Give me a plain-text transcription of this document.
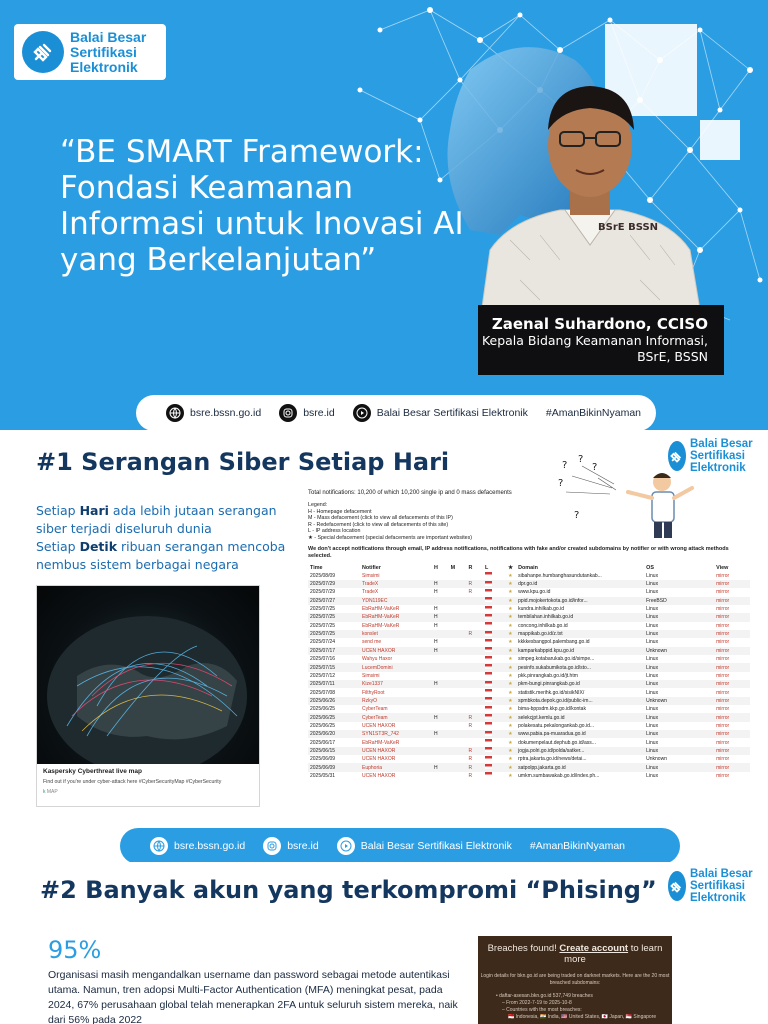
Balai Besar Sertifikasi Elektronik
“BE SMART Framework: Fondasi Keamanan Informasi untuk Inovasi AI yang Berkelanjutan”
BSrE BSSN
Zaenal Suhardono, CCISO
Kepala Bidang Keamanan Informasi, BSrE, BSSN
bsre.bssn.go.id	bsre.id	Balai Besar Sertifikasi Elektronik #AmanBikinNyaman
#1 Serangan Siber Setiap Hari
Balai Besar Sertifikasi Elektronik
?
?
?
?
?
Setiap Hari ada lebih jutaan serangan siber terjadi diseluruh dunia
Setiap Detik ribuan serangan mencoba nembus sistem berbagai negara
Kaspersky Cyberthreat live map
Find out if you're under cyber-attack here #CyberSecurityMap #CyberSecurity
k MAP
Total notifications: 10,200 of which 10,200 single ip and 0 mass defacements
Legend:
H - Homepage defacement
M - Mass defacement (click to view all defacements of this IP)
R - Redefacement (click to view all defacements of this site)
L - IP address location
★ - Special defacement (special defacements are important websites)
We don't accept notifications through email, IP address notifications, notifications with fake and/or created subdomains by notifier or with wrong attack methods selected.
Time	Notifier	H	M	R	L	★	Domain	OS	View
2025/08/09	Simsimi					★	sibahanpe.humbanghasundutankab...	Linux	mirror
2025/07/29	TradeX	H		R		★	dpr.go.id	Linux	mirror
2025/07/29	TradeX	H		R		★	www.kpu.go.id	Linux	mirror
2025/07/27	YDN119EC					★	ppid.mojokertokota.go.id/infor...	FreeBSD	mirror
2025/07/25	EbRaHM-VaKeR	H				★	kundra.inhilkab.go.id	Linux	mirror
2025/07/25	EbRaHM-VaKeR	H				★	tembilahan.inhilkab.go.id	Linux	mirror
2025/07/25	EbRaHM-VaKeR	H				★	concong.inhilkab.go.id	Linux	mirror
2025/07/25	konslet			R		★	mappikab.go.id/z.txt	Linux	mirror
2025/07/24	send me	H				★	kkkkesbangpol.palembang.go.id	Linux	mirror
2025/07/17	UCEN HAXOR	H				★	kamparkabppid.kpu.go.id	Unknown	mirror
2025/07/16	Wahyu Haxor					★	simpeg.kotabarukab.go.id/simpe...	Linux	mirror
2025/07/15	LucemDomini					★	pesinfo.sukabumikota.go.id/sto...	Linux	mirror
2025/07/12	Simsimi					★	pkk.pinrangkab.go.id/jt.htm	Linux	mirror
2025/07/11	Kize1337	H				★	pkm-bungi.pinrangkab.go.id	Linux	mirror
2025/07/08	FilthyRoot					★	statistik.merihk.go.id/sisikNIX/	Linux	mirror
2025/06/26	RzkyO					★	spmbkota.depok.go.id/public-im...	Unknown	mirror
2025/06/25	CyberTeam					★	bima-bppsdm.kkp.go.id/kontak	Linux	mirror
2025/06/25	CyberTeam	H		R		★	selekcjpt.kemlu.go.id	Linux	mirror
2025/06/25	UCEN HAXOR			R		★	polakesatu.pekalongankab.go.id...	Linux	mirror
2025/06/20	SYN1ST3R_742	H				★	www.pabia.pa-muaradua.go.id	Linux	mirror
2025/06/17	EbRaHM-VaKeR					★	dokumenpelaut.dephub.go.id/ass...	Linux	mirror
2025/06/15	UCEN HAXOR			R		★	jogja.polri.go.id/polda/satker...	Linux	mirror
2025/06/09	UCEN HAXOR			R		★	rptra.jakarta.go.id/news/detai...	Unknown	mirror
2025/06/09	Euphoria	H		R		★	satpolpp.jakarta.go.id	Linux	mirror
2025/05/31	UCEN HAXOR			R		★	umkm.sumbawakab.go.id/index.ph...	Linux	mirror
bsre.bssn.go.id	bsre.id	Balai Besar Sertifikasi Elektronik #AmanBikinNyaman
#2 Banyak akun yang terkompromi “Phising”
Balai Besar Sertifikasi Elektronik
95%
Organisasi masih mengandalkan username dan password sebagai metode autentikasi utama. Namun, tren adopsi Multi-Factor Authentication (MFA) meningkat pesat, pada 2024, 67% perusahaan global telah menerapkan 2FA untuk seluruh sistem mereka, naik dari 56% pada 2022
Breaches found! Create account to learn more
Login details for bkn.go.id are being traded on darknet markets. Here are the 20 most breached subdomains:
• daftar-asesan.bkn.go.id 537,749 breaches
– From 2022-7-19 to 2025-10-8
– Countries with the most breaches:
🇮🇩 Indonesia, 🇮🇳 India, 🇺🇸 United States, 🇯🇵 Japan, 🇸🇬 Singapore
